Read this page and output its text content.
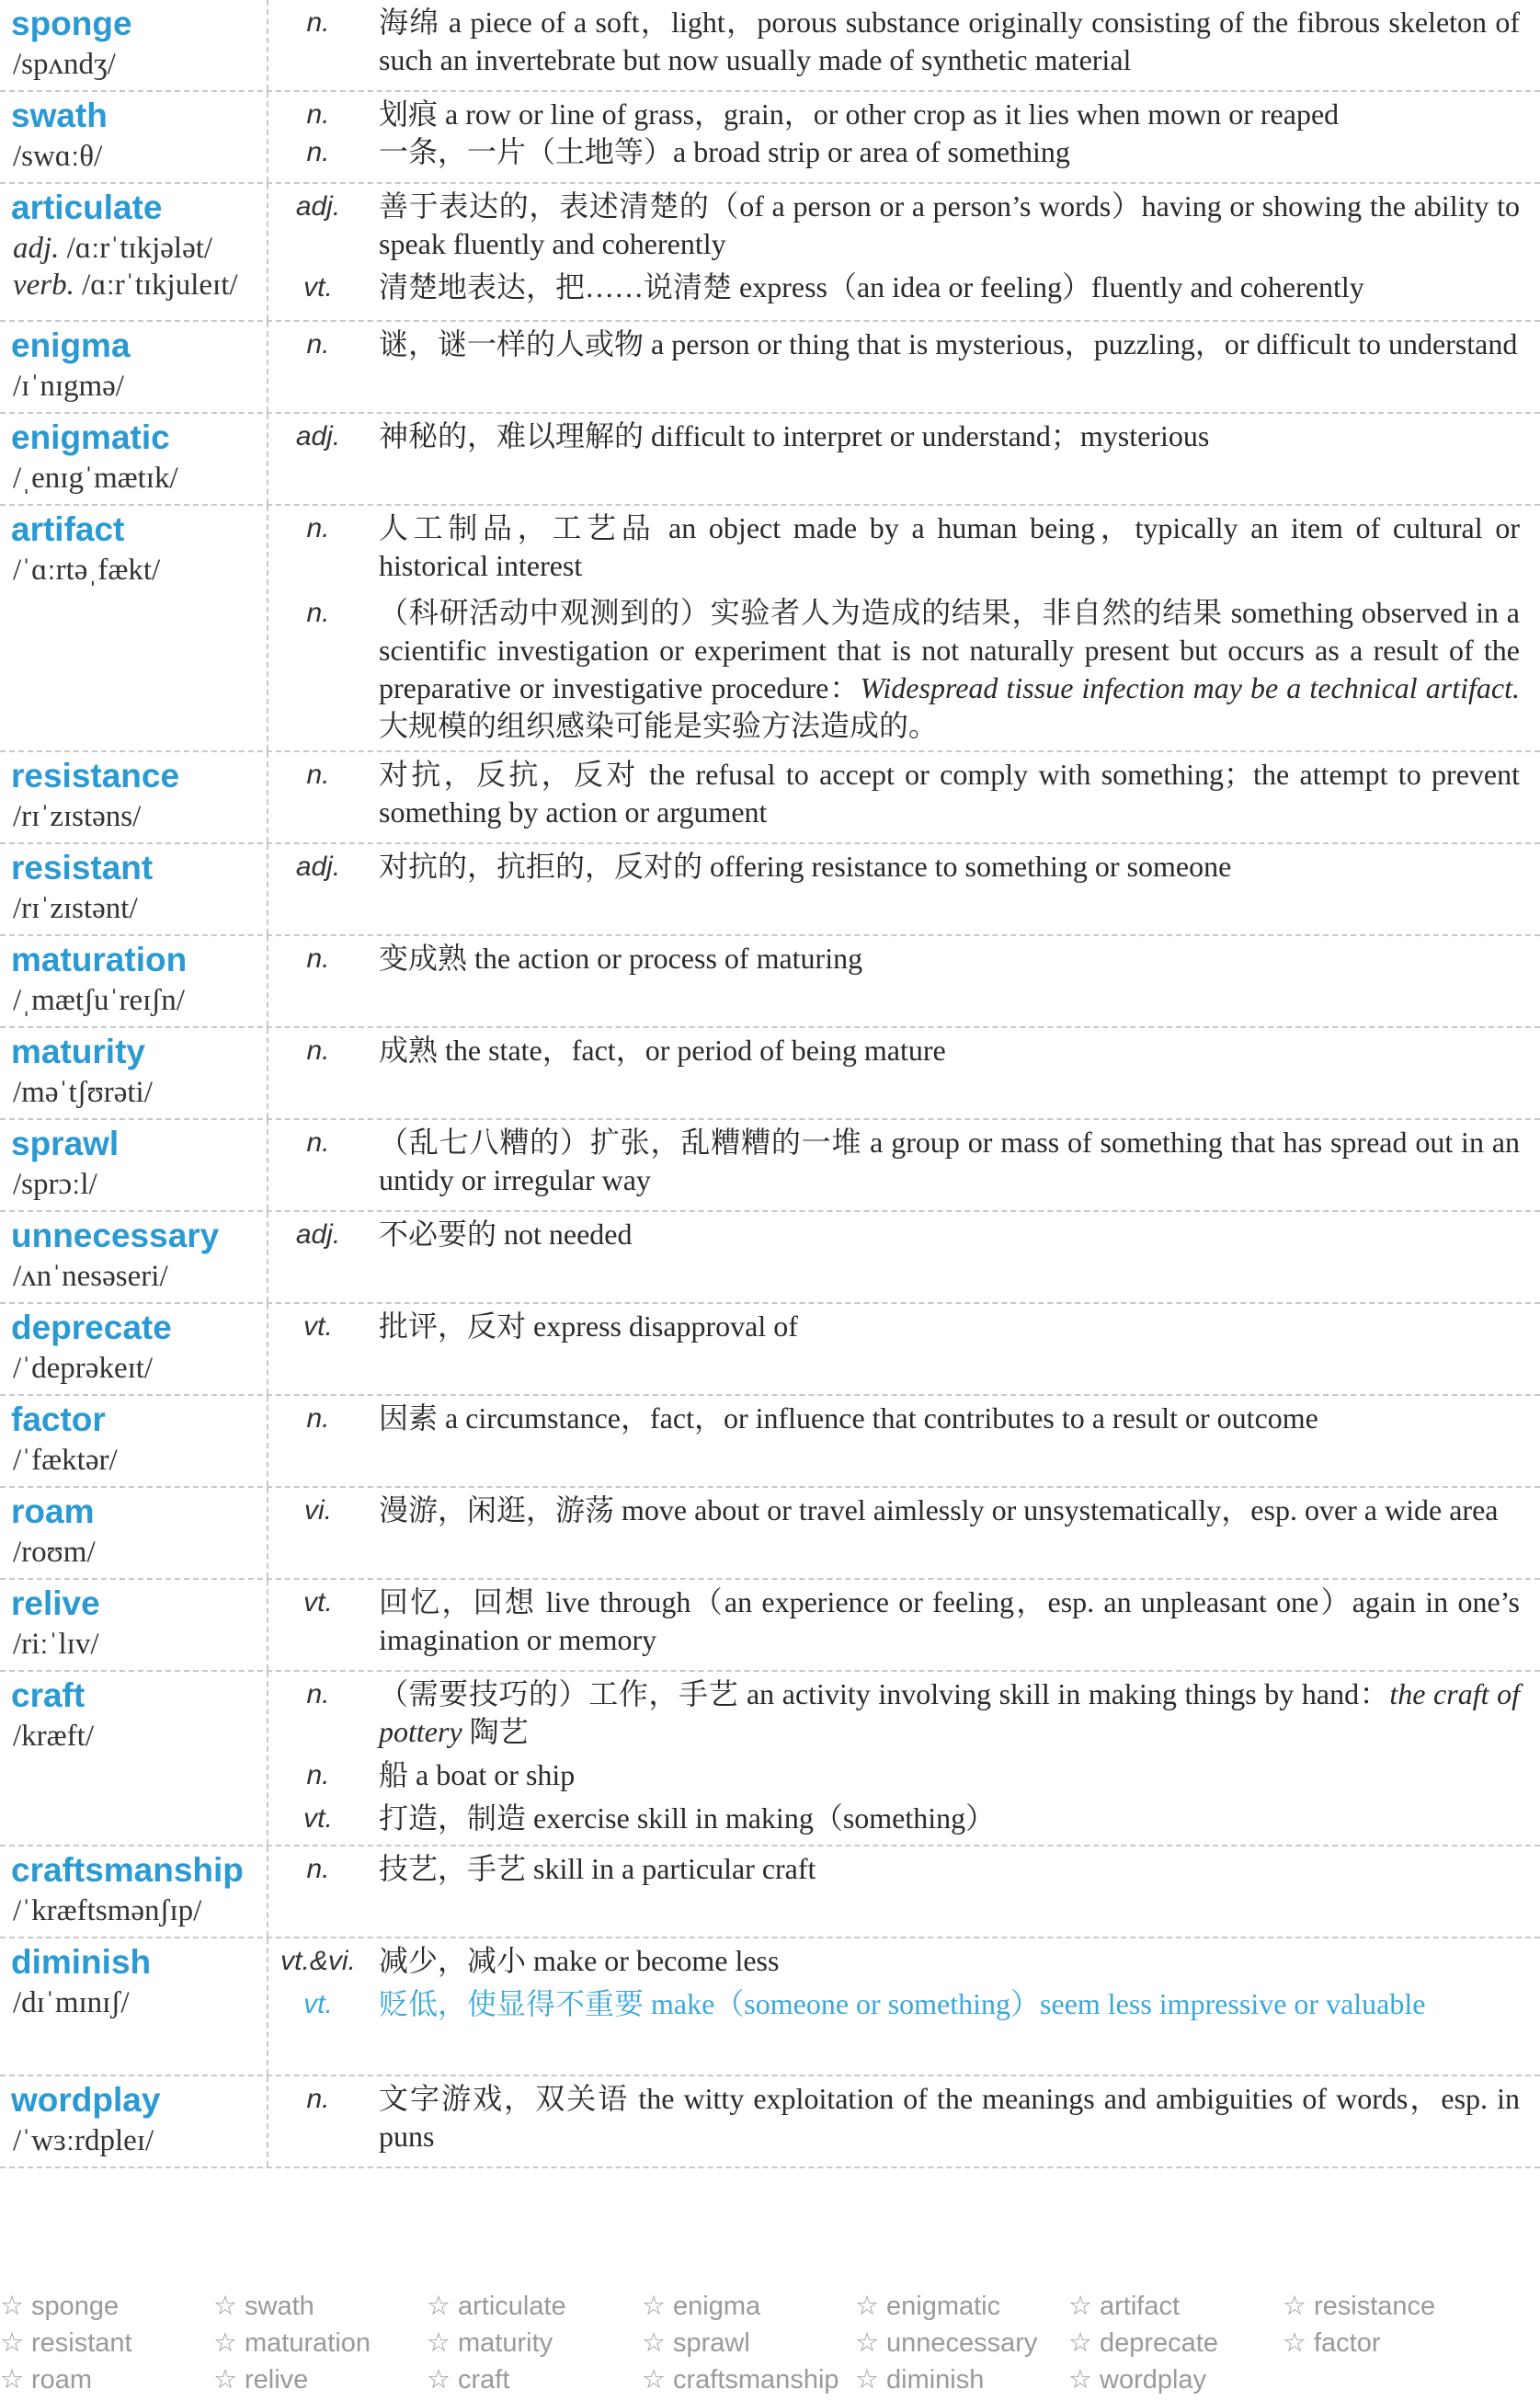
sponge
/spʌndʒ/
n.	海绵 a piece of a soft，light，porous substance originally consisting of the fibrous skeleton of such an invertebrate but now usually made of synthetic material
swath
/swɑːθ/
n.	划痕 a row or line of grass，grain，or other crop as it lies when mown or reaped
n.	一条，一片（土地等）a broad strip or area of something
articulate
adj. /ɑːrˈtɪkjələt/
verb. /ɑːrˈtɪkjuleɪt/
adj.	善于表达的，表述清楚的（of a person or a person’s words）having or showing the ability to speak fluently and coherently
vt.	清楚地表达，把……说清楚 express（an idea or feeling）fluently and coherently
enigma
/ɪˈnɪgmə/
n.	谜，谜一样的人或物 a person or thing that is mysterious，puzzling，or difficult to understand
enigmatic
/ˌenɪgˈmætɪk/
adj.	神秘的，难以理解的 difficult to interpret or understand；mysterious
artifact
/ˈɑːrtəˌfækt/
n.	人工制品，工艺品 an object made by a human being，typically an item of cultural or historical interest
n.	（科研活动中观测到的）实验者人为造成的结果，非自然的结果 something observed in a scientific investigation or experiment that is not naturally present but occurs as a result of the preparative or investigative procedure：Widespread tissue infection may be a technical artifact. 大规模的组织感染可能是实验方法造成的。
resistance
/rɪˈzɪstəns/
n.	对抗，反抗，反对 the refusal to accept or comply with something；the attempt to prevent something by action or argument
resistant
/rɪˈzɪstənt/
adj.	对抗的，抗拒的，反对的 offering resistance to something or someone
maturation
/ˌmætʃuˈreɪʃn/
n.	变成熟 the action or process of maturing
maturity
/məˈtʃʊrəti/
n.	成熟 the state，fact，or period of being mature
sprawl
/sprɔːl/
n.	（乱七八糟的）扩张，乱糟糟的一堆 a group or mass of something that has spread out in an untidy or irregular way
unnecessary
/ʌnˈnesəseri/
adj.	不必要的 not needed
deprecate
/ˈdeprəkeɪt/
vt.	批评，反对 express disapproval of
factor
/ˈfæktər/
n.	因素 a circumstance，fact，or influence that contributes to a result or outcome
roam
/roʊm/
vi.	漫游，闲逛，游荡 move about or travel aimlessly or unsystematically，esp. over a wide area
relive
/riːˈlɪv/
vt.	回忆，回想 live through（an experience or feeling，esp. an unpleasant one）again in one’s imagination or memory
craft
/kræft/
n.	（需要技巧的）工作，手艺 an activity involving skill in making things by hand：the craft of pottery 陶艺
n.	船 a boat or ship
vt.	打造，制造 exercise skill in making（something）
craftsmanship
/ˈkræftsmənʃɪp/
n.	技艺，手艺 skill in a particular craft
diminish
/dɪˈmɪnɪʃ/
vt.&vi. 减少，减小 make or become less
vt.	贬低，使显得不重要 make（someone or something）seem less impressive or valuable
wordplay
/ˈwɜːrdpleɪ/
n.	文字游戏，双关语 the witty exploitation of the meanings and ambiguities of words，esp. in puns
☆ sponge	☆ swath	☆ articulate	☆ enigma	☆ enigmatic	☆ artifact	☆ resistance
☆ resistant	☆ maturation ☆ maturity	☆ sprawl	☆ unnecessary ☆ deprecate ☆ factor
☆ roam	☆ relive	☆ craft	☆ craftsmanship ☆ diminish	☆ wordplay
